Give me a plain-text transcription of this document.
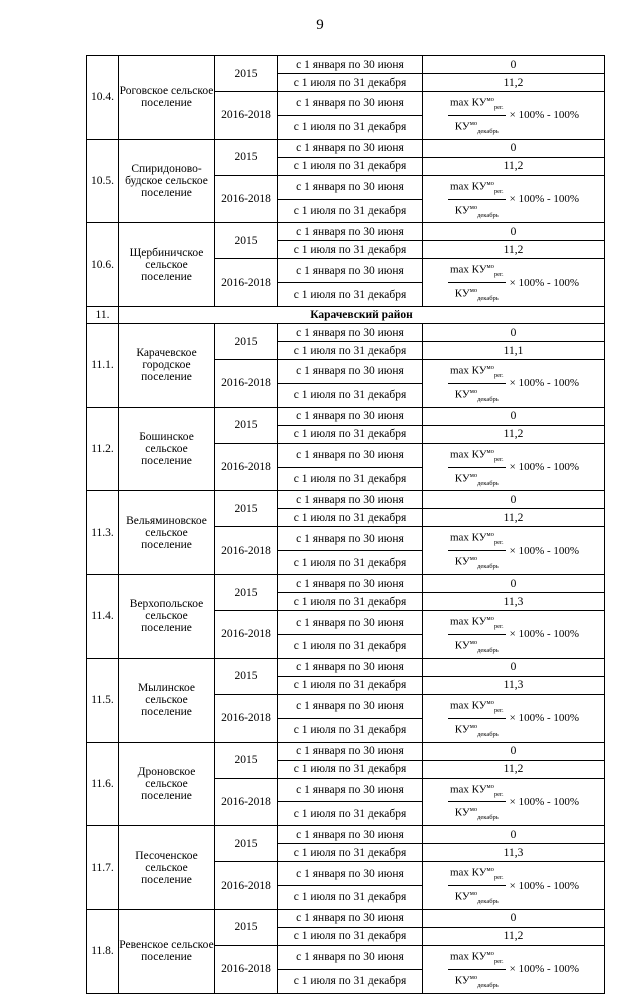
9
10.4.	Роговское сельское поселение	2015	с 1 января по 30 июня	0
			с 1 июля по 31 декабря	11,2
		2016-2018	с 1 января по 30 июня	$\frac{\max КУ^{мо}_{рег.}}{КУ^{мо}_{декабрь}} \times 100\% - 100\%$

			с 1 июля по 31 декабря	
10.5.	Спиридоново-будское сельское поселение	2015	с 1 января по 30 июня	0
			с 1 июля по 31 декабря	11,2
		2016-2018	с 1 января по 30 июня	$\frac{\max КУ^{мо}_{рег.}}{КУ^{мо}_{декабрь}} \times 100\% - 100\%$

			с 1 июля по 31 декабря	
10.6.	Щербиничское сельское поселение	2015	с 1 января по 30 июня	0
			с 1 июля по 31 декабря	11,2
		2016-2018	с 1 января по 30 июня	$\frac{\max КУ^{мо}_{рег.}}{КУ^{мо}_{декабрь}} \times 100\% - 100\%$

			с 1 июля по 31 декабря	
11.	Карачевский район			
11.1.	Карачевское городское поселение	2015	с 1 января по 30 июня	0
			с 1 июля по 31 декабря	11,1
		2016-2018	с 1 января по 30 июня	$\frac{\max КУ^{мо}_{рег.}}{КУ^{мо}_{декабрь}} \times 100\% - 100\%$

			с 1 июля по 31 декабря	
11.2.	Бошинское сельское поселение	2015	с 1 января по 30 июня	0
			с 1 июля по 31 декабря	11,2
		2016-2018	с 1 января по 30 июня	$\frac{\max КУ^{мо}_{рег.}}{КУ^{мо}_{декабрь}} \times 100\% - 100\%$

			с 1 июля по 31 декабря	
11.3.	Вельяминовское сельское поселение	2015	с 1 января по 30 июня	0
			с 1 июля по 31 декабря	11,2
		2016-2018	с 1 января по 30 июня	$\frac{\max КУ^{мо}_{рег.}}{КУ^{мо}_{декабрь}} \times 100\% - 100\%$

			с 1 июля по 31 декабря	
11.4.	Верхопольское сельское поселение	2015	с 1 января по 30 июня	0
			с 1 июля по 31 декабря	11,3
		2016-2018	с 1 января по 30 июня	$\frac{\max КУ^{мо}_{рег.}}{КУ^{мо}_{декабрь}} \times 100\% - 100\%$

			с 1 июля по 31 декабря	
11.5.	Мылинское сельское поселение	2015	с 1 января по 30 июня	0
			с 1 июля по 31 декабря	11,3
		2016-2018	с 1 января по 30 июня	$\frac{\max КУ^{мо}_{рег.}}{КУ^{мо}_{декабрь}} \times 100\% - 100\%$

			с 1 июля по 31 декабря	
11.6.	Дроновское сельское поселение	2015	с 1 января по 30 июня	0
			с 1 июля по 31 декабря	11,2
		2016-2018	с 1 января по 30 июня	$\frac{\max КУ^{мо}_{рег.}}{КУ^{мо}_{декабрь}} \times 100\% - 100\%$

			с 1 июля по 31 декабря	
11.7.	Песоченское сельское поселение	2015	с 1 января по 30 июня	0
			с 1 июля по 31 декабря	11,3
		2016-2018	с 1 января по 30 июня	$\frac{\max КУ^{мо}_{рег.}}{КУ^{мо}_{декабрь}} \times 100\% - 100\%$

			с 1 июля по 31 декабря	
11.8.	Ревенское сельское поселение	2015	с 1 января по 30 июня	0
			с 1 июля по 31 декабря	11,2
		2016-2018	с 1 января по 30 июня	$\frac{\max КУ^{мо}_{рег.}}{КУ^{мо}_{декабрь}} \times 100\% - 100\%$

			с 1 июля по 31 декабря	
